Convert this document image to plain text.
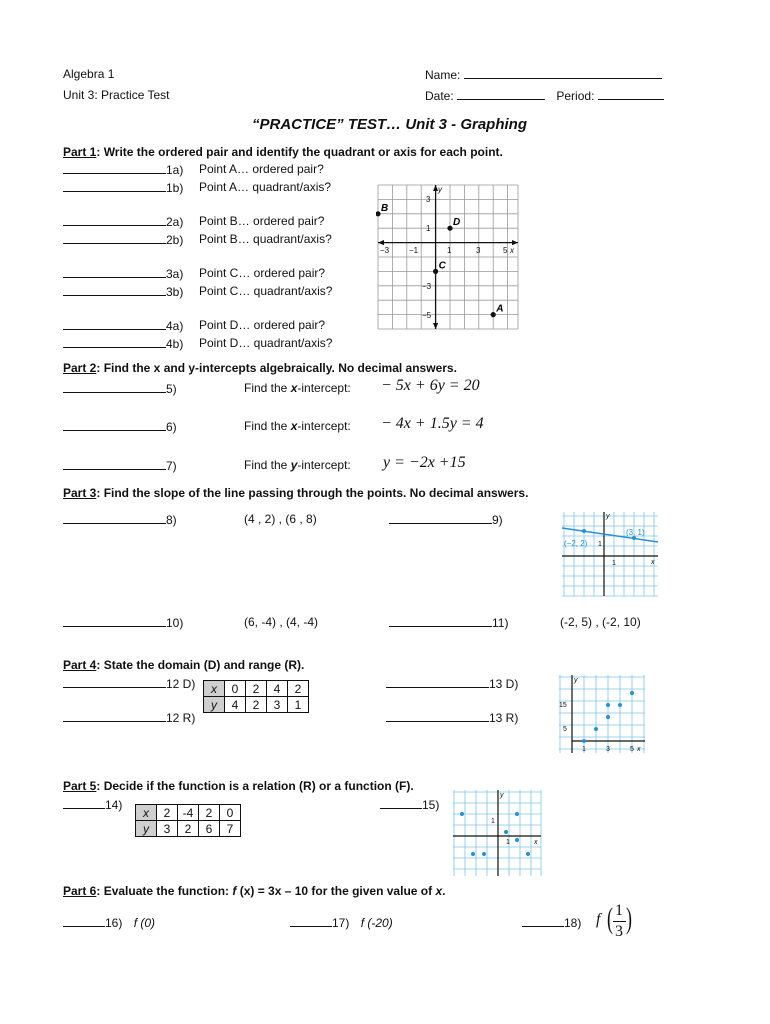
Algebra 1
Unit 3: Practice Test
Name:
Date:	Period:
“PRACTICE” TEST… Unit 3 - Graphing
Part 1: Write the ordered pair and identify the quadrant or axis for each point.
1a) Point A… ordered pair?
1b) Point A… quadrant/axis?
2a) Point B… ordered pair?
2b) Point B… quadrant/axis?
3a) Point C… ordered pair?
3b) Point C… quadrant/axis?
4a) Point D… ordered pair?
4b) Point D… quadrant/axis?
−3 −1	1	3	5 x
y
3
1
−3
−5
A
B
C
D
Part 2: Find the x and y-intercepts algebraically. No decimal answers.
5)	Find the x-intercept: − 5x + 6y = 20
6)	Find the x-intercept: − 4x + 1.5y = 4
7)	Find the y-intercept: y = −2x +15
Part 3: Find the slope of the line passing through the points. No decimal answers.
8)	(4 , 2) , (6 , 8)	9)
(−2, 2)
(3, 1)
1
1	x
y
10)	(6, -4) , (4, -4)	11)	(-2, 5) , (-2, 10)
Part 4: State the domain (D) and range (R).
12 D)
12 R)
x	0	2	4	2
y	4	2	3	1
13 D)
13 R)
y
15
5
1	3	5 x
Part 5: Decide if the function is a relation (R) or a function (F).
14)
x	2	-4	2	0
y	3	2	6	7
15)
y
1
1	x
Part 6: Evaluate the function: f (x) = 3x – 10 for the given value of x.
16) f (0)	17) f (-20)	18) f ( 1
3 )
